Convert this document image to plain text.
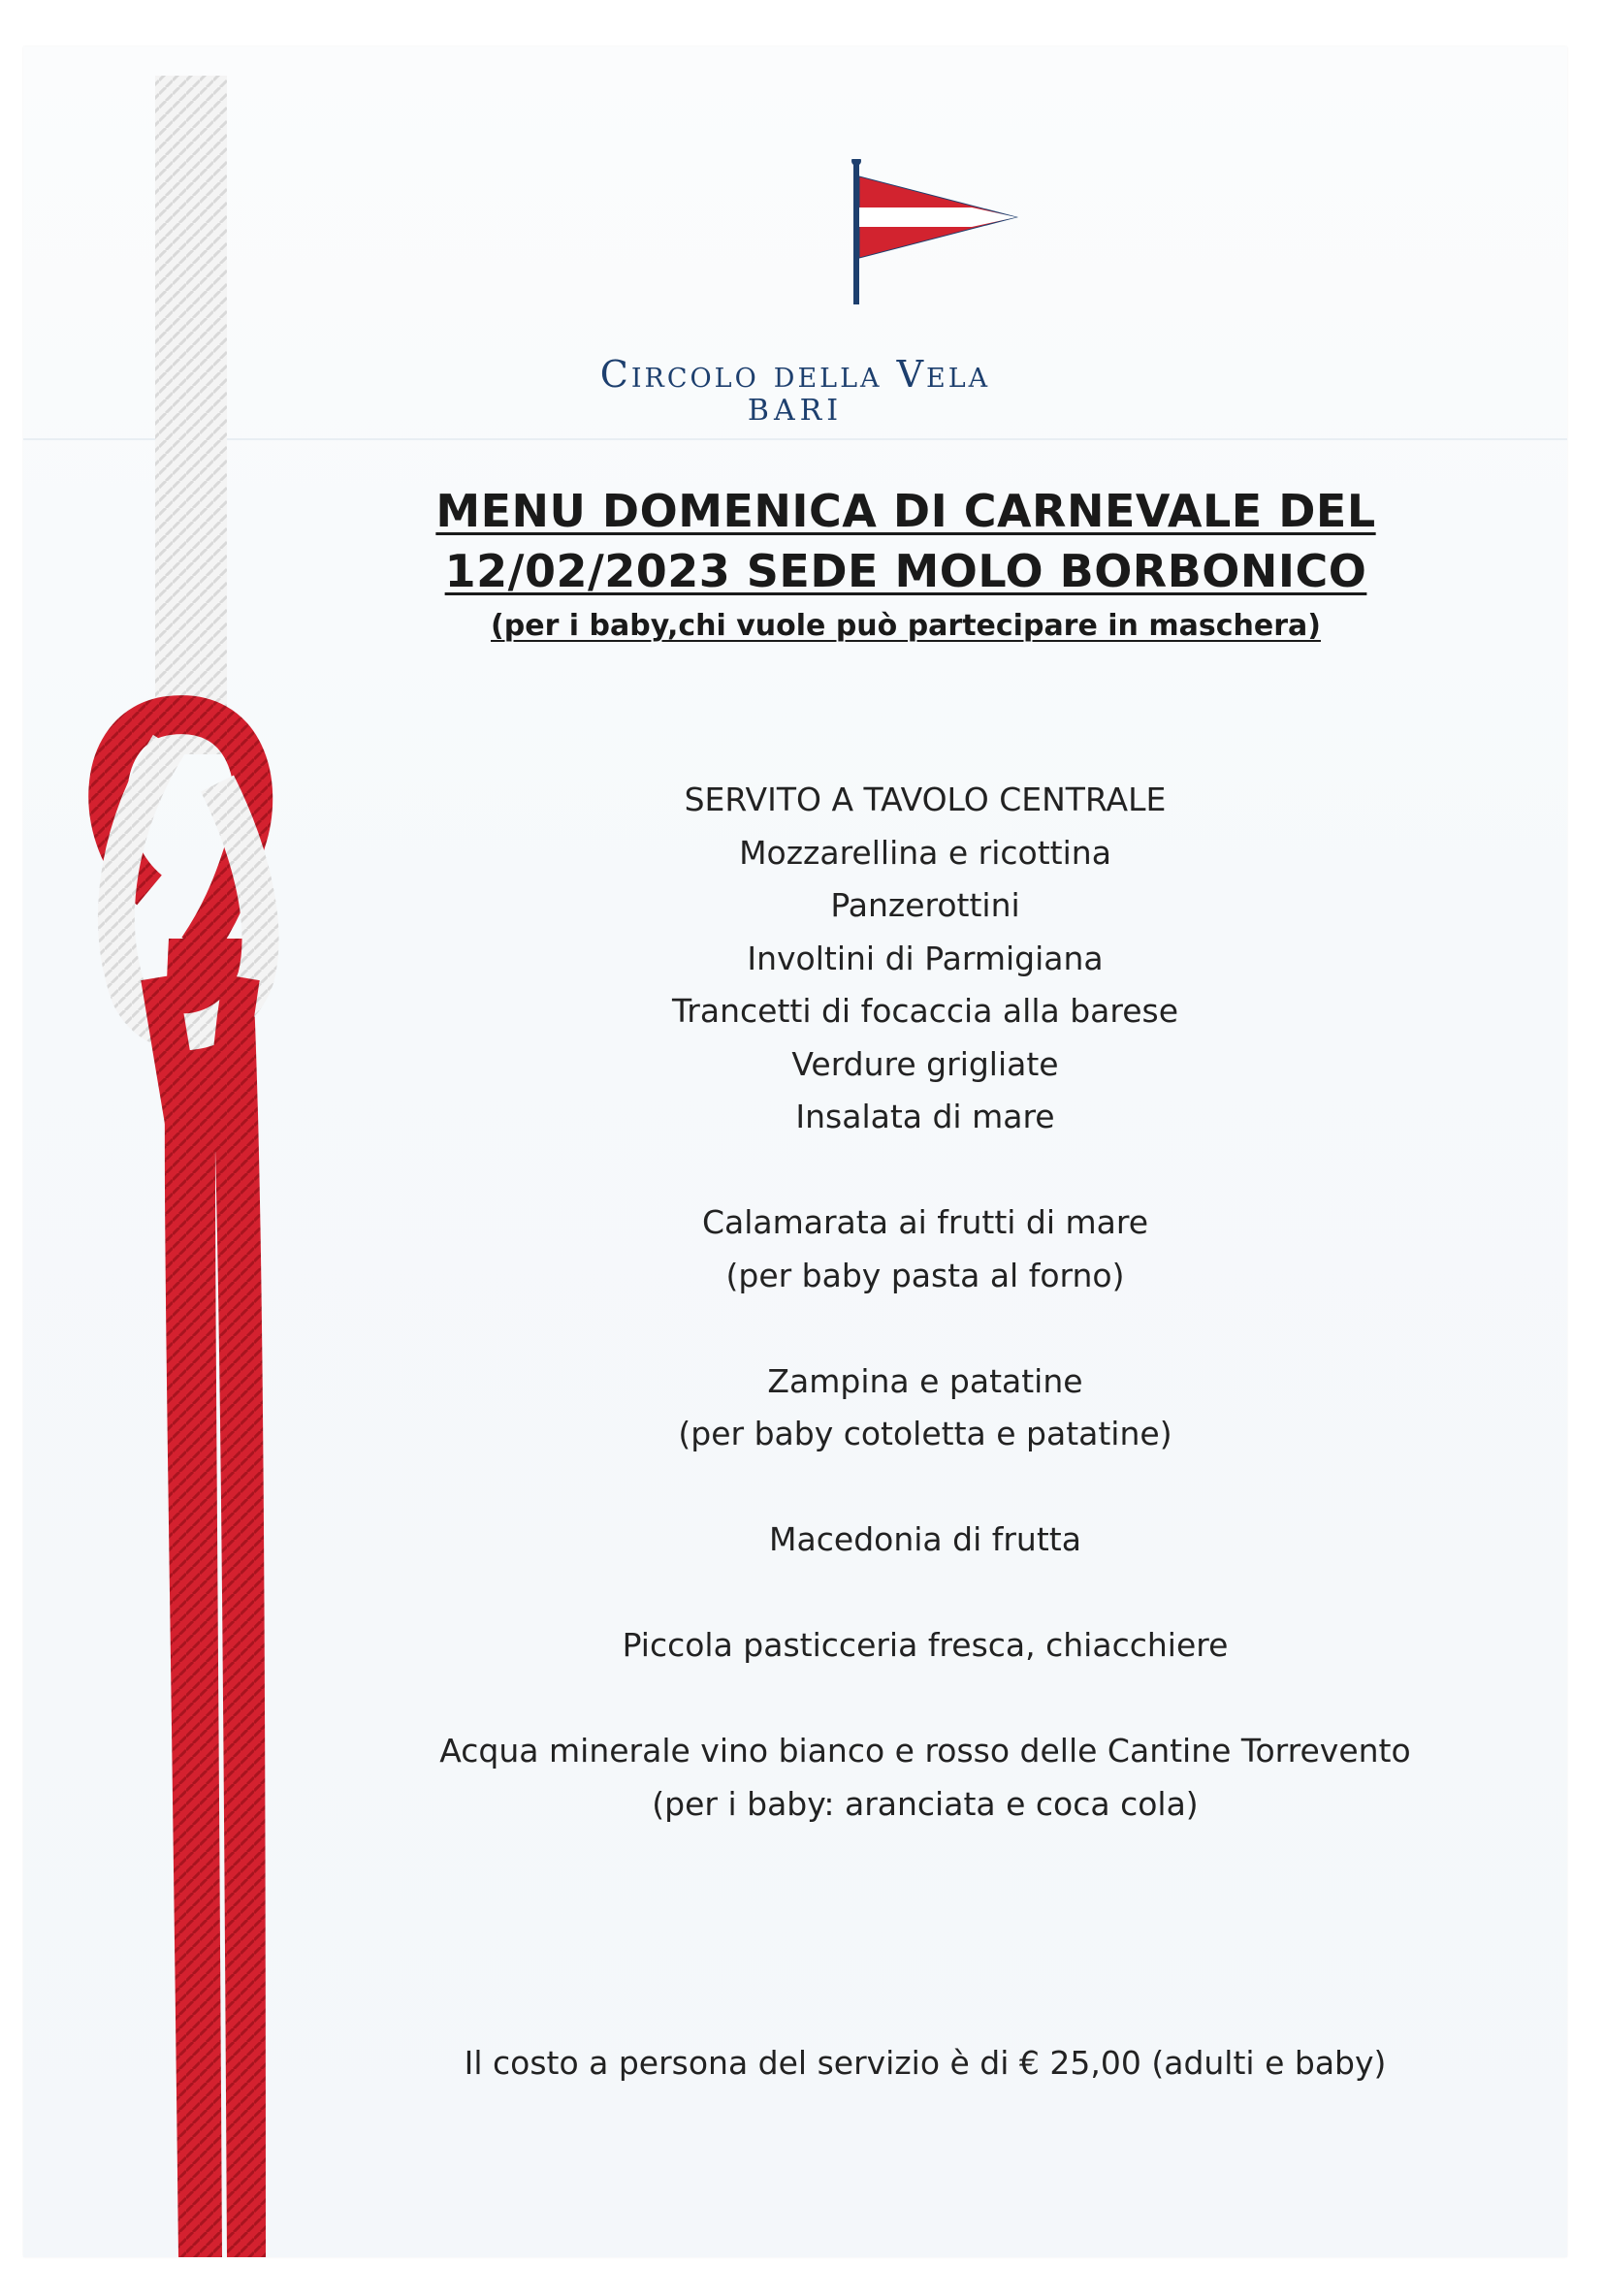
Circolo della Vela
BARI
MENU DOMENICA DI CARNEVALE DEL
12/02/2023 SEDE MOLO BORBONICO
(per i baby,chi vuole può partecipare in maschera)
SERVITO A TAVOLO CENTRALE
Mozzarellina e ricottina
Panzerottini
Involtini di Parmigiana
Trancetti di focaccia alla barese
Verdure grigliate
Insalata di mare
Calamarata ai frutti di mare
(per baby pasta al forno)
Zampina e patatine
(per baby cotoletta e patatine)
Macedonia di frutta
Piccola pasticceria fresca, chiacchiere
Acqua minerale vino bianco e rosso delle Cantine Torrevento
(per i baby: aranciata e coca cola)
Il costo a persona del servizio è di € 25,00 (adulti e baby)
